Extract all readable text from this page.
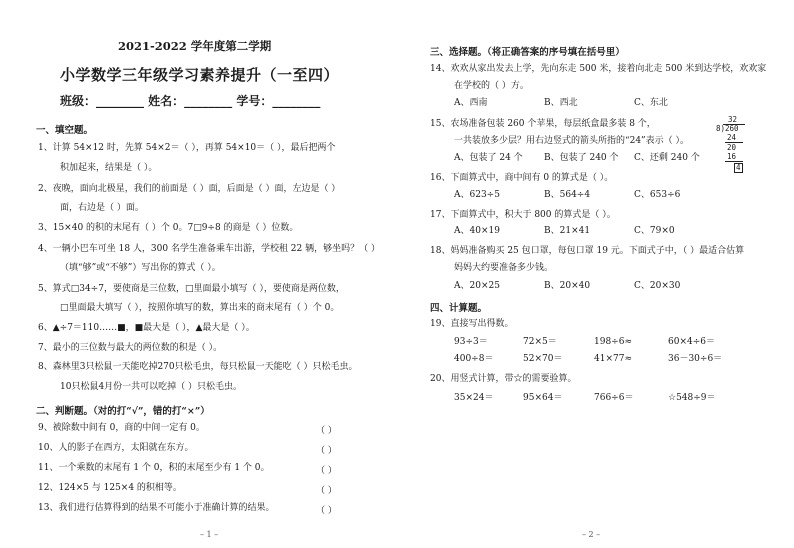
2021-2022 学年度第二学期
小学数学三年级学习素养提升（一至四）
班级：________ 姓名：________ 学号：________
一、填空题。
1、计算 54×12 时，先算 54×2＝（ ），再算 54×10＝（ ），最后把两个
积加起来，结果是（ ）。
2、夜晚，面向北极星，我们的前面是（ ）面，后面是（ ）面，左边是（ ）
面，右边是（ ）面。
3、15×40 的积的末尾有（ ）个 0。7□9÷8 的商是（ ）位数。
4、一辆小巴车可坐 18 人，300 名学生准备乘车出游，学校租 22 辆，够坐吗？（ ）
（填“够”或“不够”）写出你的算式（ ）。
5、算式□34÷7，要使商是三位数，□里面最小填写（ ），要使商是两位数，
□里面最大填写（ ），按照你填写的数，算出来的商末尾有（ ）个 0。
6、▲÷7＝110……■，■最大是（ ），▲最大是（ ）。
7、最小的三位数与最大的两位数的积是（ ）。
8、森林里3只松鼠一天能吃掉270只松毛虫，每只松鼠一天能吃（ ）只松毛虫。
10只松鼠4月份一共可以吃掉（ ）只松毛虫。
二、判断题。（对的打“√”，错的打“×”）
9、被除数中间有 0，商的中间一定有 0。	（ ）
10、人的影子在西方，太阳就在东方。	（ ）
11、一个乘数的末尾有 1 个 0，积的末尾至少有 1 个 0。	（ ）
12、124×5 与 125×4 的积相等。	（ ）
13、我们进行估算得到的结果不可能小于准确计算的结果。	（ ）
– 1 –
三、选择题。（将正确答案的序号填在括号里）
14、欢欢从家出发去上学，先向东走 500 米，接着向北走 500 米到达学校，欢欢家
在学校的（ ）方。
A、西南	B、西北	C、东北
15、农场准备包装 260 个苹果，每层纸盒最多装 8 个，
一共装放多少层？用右边竖式的箭头所指的“24”表示（ ）。
A、包装了 24 个 B、包装了 240 个 C、还剩 240 个
32
8)260
24
20
16
4
16、下面算式中，商中间有 0 的算式是（ ）。
A、623÷5	B、564÷4	C、653÷6
17、下面算式中，积大于 800 的算式是（ ）。
A、40×19	B、21×41	C、79×0
18、妈妈准备购买 25 包口罩，每包口罩 19 元。下面式子中，（ ）最适合估算
妈妈大约要准备多少钱。
A、20×25	B、20×40	C、20×30
四、计算题。
19、直接写出得数。
93÷3＝	72×5＝	198÷6≈	60×4÷6＝
400÷8＝	52×70＝	41×77≈	36－30÷6＝
20、用竖式计算，带☆的需要验算。
35×24＝	95×64＝	766÷6＝	☆548÷9＝
– 2 –
